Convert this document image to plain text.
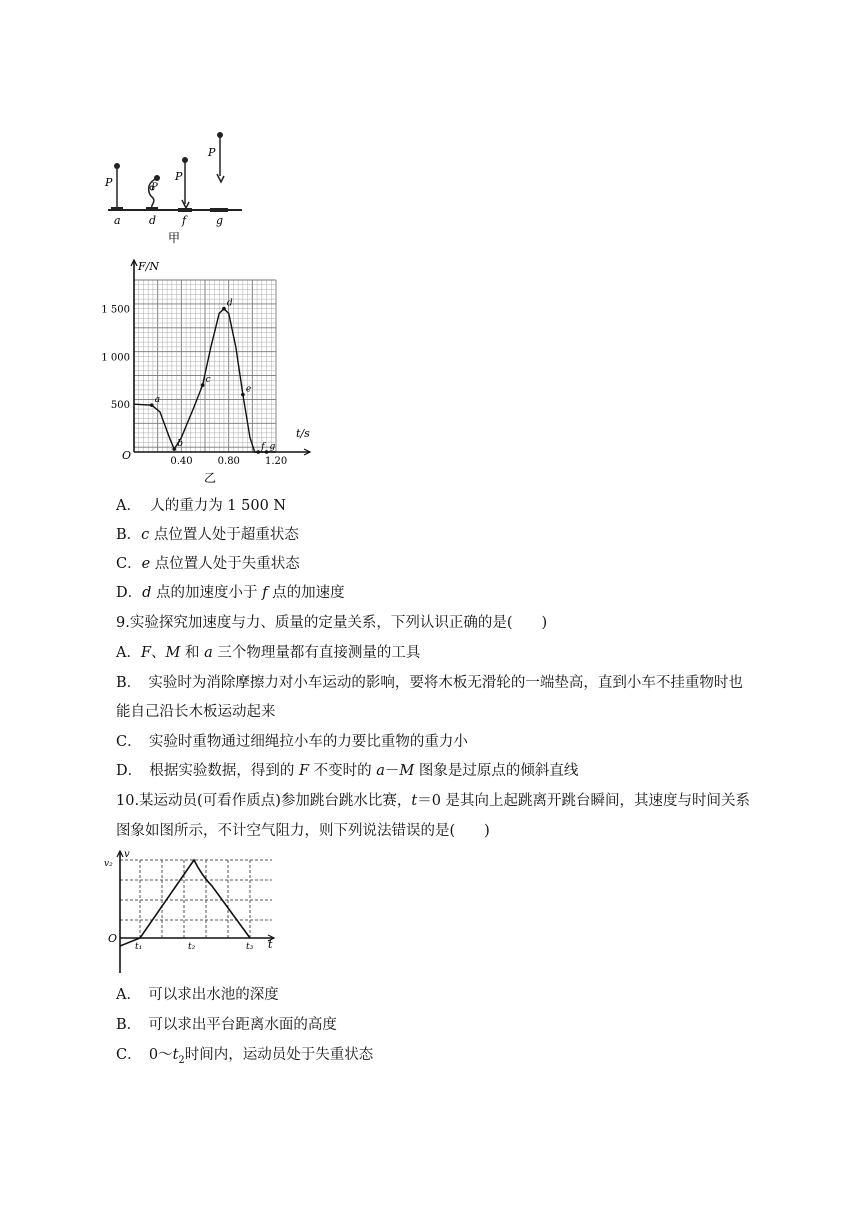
P	P
P
P
a	d f	g
甲
0.40	0.80	1.20
500
1 000
1 500
a
b
c
d
e
f g
F/N
t/s
O
乙
A． 人的重力为 1 500 N
B．c 点位置人处于超重状态
C．e 点位置人处于失重状态
D．d 点的加速度小于 f 点的加速度
9.实验探究加速度与力、质量的定量关系，下列认识正确的是(　　)
A．F、M 和 a 三个物理量都有直接测量的工具
B．　实验时为消除摩擦力对小车运动的影响，要将木板无滑轮的一端垫高，直到小车不挂重物时也
能自己沿长木板运动起来
C．　实验时重物通过细绳拉小车的力要比重物的重力小
D．　根据实验数据，得到的 F 不变时的 a－M 图象是过原点的倾斜直线
10.某运动员(可看作质点)参加跳台跳水比赛，t＝0 是其向上起跳离开跳台瞬间，其速度与时间关系
图象如图所示，不计空气阻力，则下列说法错误的是(　　)
v
v₂
O
t₁	t₂	t₃ t
A．　可以求出水池的深度
B．　可以求出平台距离水面的高度
C．　$0\sim t_2$时间内，运动员处于失重状态
